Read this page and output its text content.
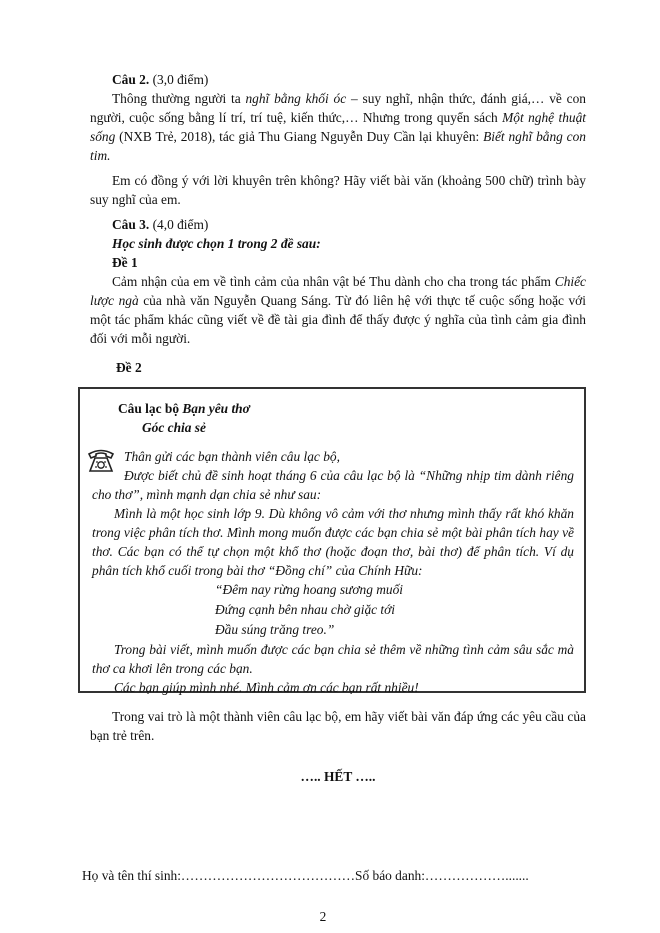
Câu 2. (3,0 điểm)

Thông thường người ta nghĩ bằng khối óc – suy nghĩ, nhận thức, đánh giá,… về con người, cuộc sống bằng lí trí, trí tuệ, kiến thức,… Nhưng trong quyển sách Một nghệ thuật sống (NXB Trẻ, 2018), tác giả Thu Giang Nguyễn Duy Cần lại khuyên: Biết nghĩ bằng con tim.

Em có đồng ý với lời khuyên trên không? Hãy viết bài văn (khoảng 500 chữ) trình bày suy nghĩ của em.

Câu 3. (4,0 điểm)

Học sinh được chọn 1 trong 2 đề sau:

Đề 1

Cảm nhận của em về tình cảm của nhân vật bé Thu dành cho cha trong tác phẩm Chiếc lược ngà của nhà văn Nguyễn Quang Sáng. Từ đó liên hệ với thực tế cuộc sống hoặc với một tác phẩm khác cũng viết về đề tài gia đình để thấy được ý nghĩa của tình cảm gia đình đối với mỗi người.

Đề 2

Câu lạc bộ Bạn yêu thơ

Góc chia sẻ

Thân gửi các bạn thành viên câu lạc bộ,

Được biết chủ đề sinh hoạt tháng 6 của câu lạc bộ là “Những nhịp tim dành riêng cho thơ”, mình mạnh dạn chia sẻ như sau:

Mình là một học sinh lớp 9. Dù không vô cảm với thơ nhưng mình thấy rất khó khăn trong việc phân tích thơ. Mình mong muốn được các bạn chia sẻ một bài phân tích hay về thơ. Các bạn có thể tự chọn một khổ thơ (hoặc đoạn thơ, bài thơ) để phân tích. Ví dụ phân tích khổ cuối trong bài thơ “Đồng chí” của Chính Hữu:

“Đêm nay rừng hoang sương muối

Đứng cạnh bên nhau chờ giặc tới

Đầu súng trăng treo.”

Trong bài viết, mình muốn được các bạn chia sẻ thêm về những tình cảm sâu sắc mà thơ ca khơi lên trong các bạn.

Các bạn giúp mình nhé. Mình cảm ơn các bạn rất nhiều!

Trong vai trò là một thành viên câu lạc bộ, em hãy viết bài văn đáp ứng các yêu cầu của bạn trẻ trên.

….. HẾT …..

Họ và tên thí sinh:…………………………………Số báo danh:……………….......

2
